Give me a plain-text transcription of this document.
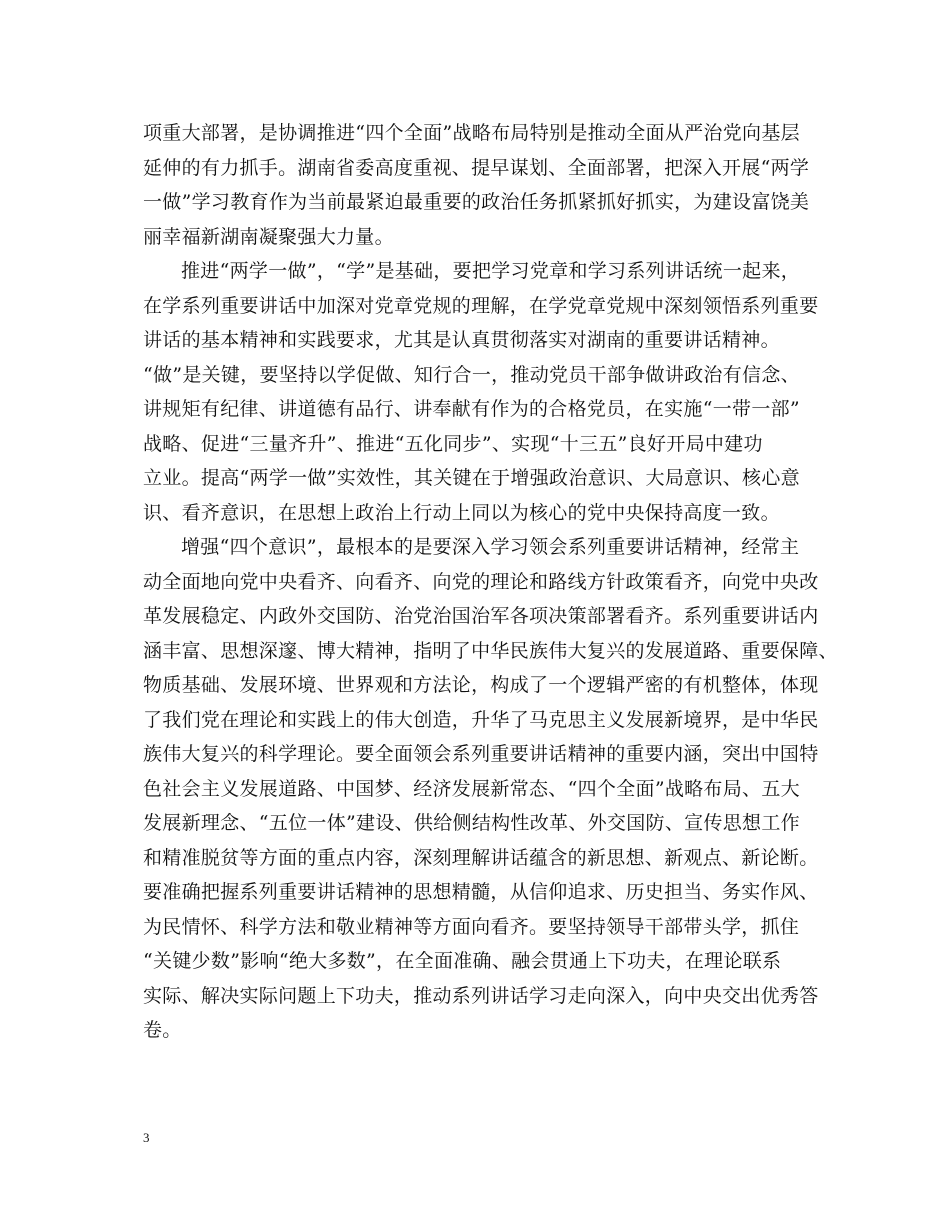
项重大部署，是协调推进“四个全面”战略布局特别是推动全面从严治党向基层
延伸的有力抓手。湖南省委高度重视、提早谋划、全面部署，把深入开展“两学
一做”学习教育作为当前最紧迫最重要的政治任务抓紧抓好抓实，为建设富饶美
丽幸福新湖南凝聚强大力量。
推进“两学一做”，“学”是基础，要把学习党章和学习系列讲话统一起来，
在学系列重要讲话中加深对党章党规的理解，在学党章党规中深刻领悟系列重要
讲话的基本精神和实践要求，尤其是认真贯彻落实对湖南的重要讲话精神。
“做”是关键，要坚持以学促做、知行合一，推动党员干部争做讲政治有信念、
讲规矩有纪律、讲道德有品行、讲奉献有作为的合格党员，在实施“一带一部”
战略、促进“三量齐升”、推进“五化同步”、实现“十三五”良好开局中建功
立业。提高“两学一做”实效性，其关键在于增强政治意识、大局意识、核心意
识、看齐意识，在思想上政治上行动上同以为核心的党中央保持高度一致。
增强“四个意识”，最根本的是要深入学习领会系列重要讲话精神，经常主
动全面地向党中央看齐、向看齐、向党的理论和路线方针政策看齐，向党中央改
革发展稳定、内政外交国防、治党治国治军各项决策部署看齐。系列重要讲话内
涵丰富、思想深邃、博大精神，指明了中华民族伟大复兴的发展道路、重要保障、
物质基础、发展环境、世界观和方法论，构成了一个逻辑严密的有机整体，体现
了我们党在理论和实践上的伟大创造，升华了马克思主义发展新境界，是中华民
族伟大复兴的科学理论。要全面领会系列重要讲话精神的重要内涵，突出中国特
色社会主义发展道路、中国梦、经济发展新常态、“四个全面”战略布局、五大
发展新理念、“五位一体”建设、供给侧结构性改革、外交国防、宣传思想工作
和精准脱贫等方面的重点内容，深刻理解讲话蕴含的新思想、新观点、新论断。
要准确把握系列重要讲话精神的思想精髓，从信仰追求、历史担当、务实作风、
为民情怀、科学方法和敬业精神等方面向看齐。要坚持领导干部带头学，抓住
“关键少数”影响“绝大多数”，在全面准确、融会贯通上下功夫，在理论联系
实际、解决实际问题上下功夫，推动系列讲话学习走向深入，向中央交出优秀答
卷。
3
